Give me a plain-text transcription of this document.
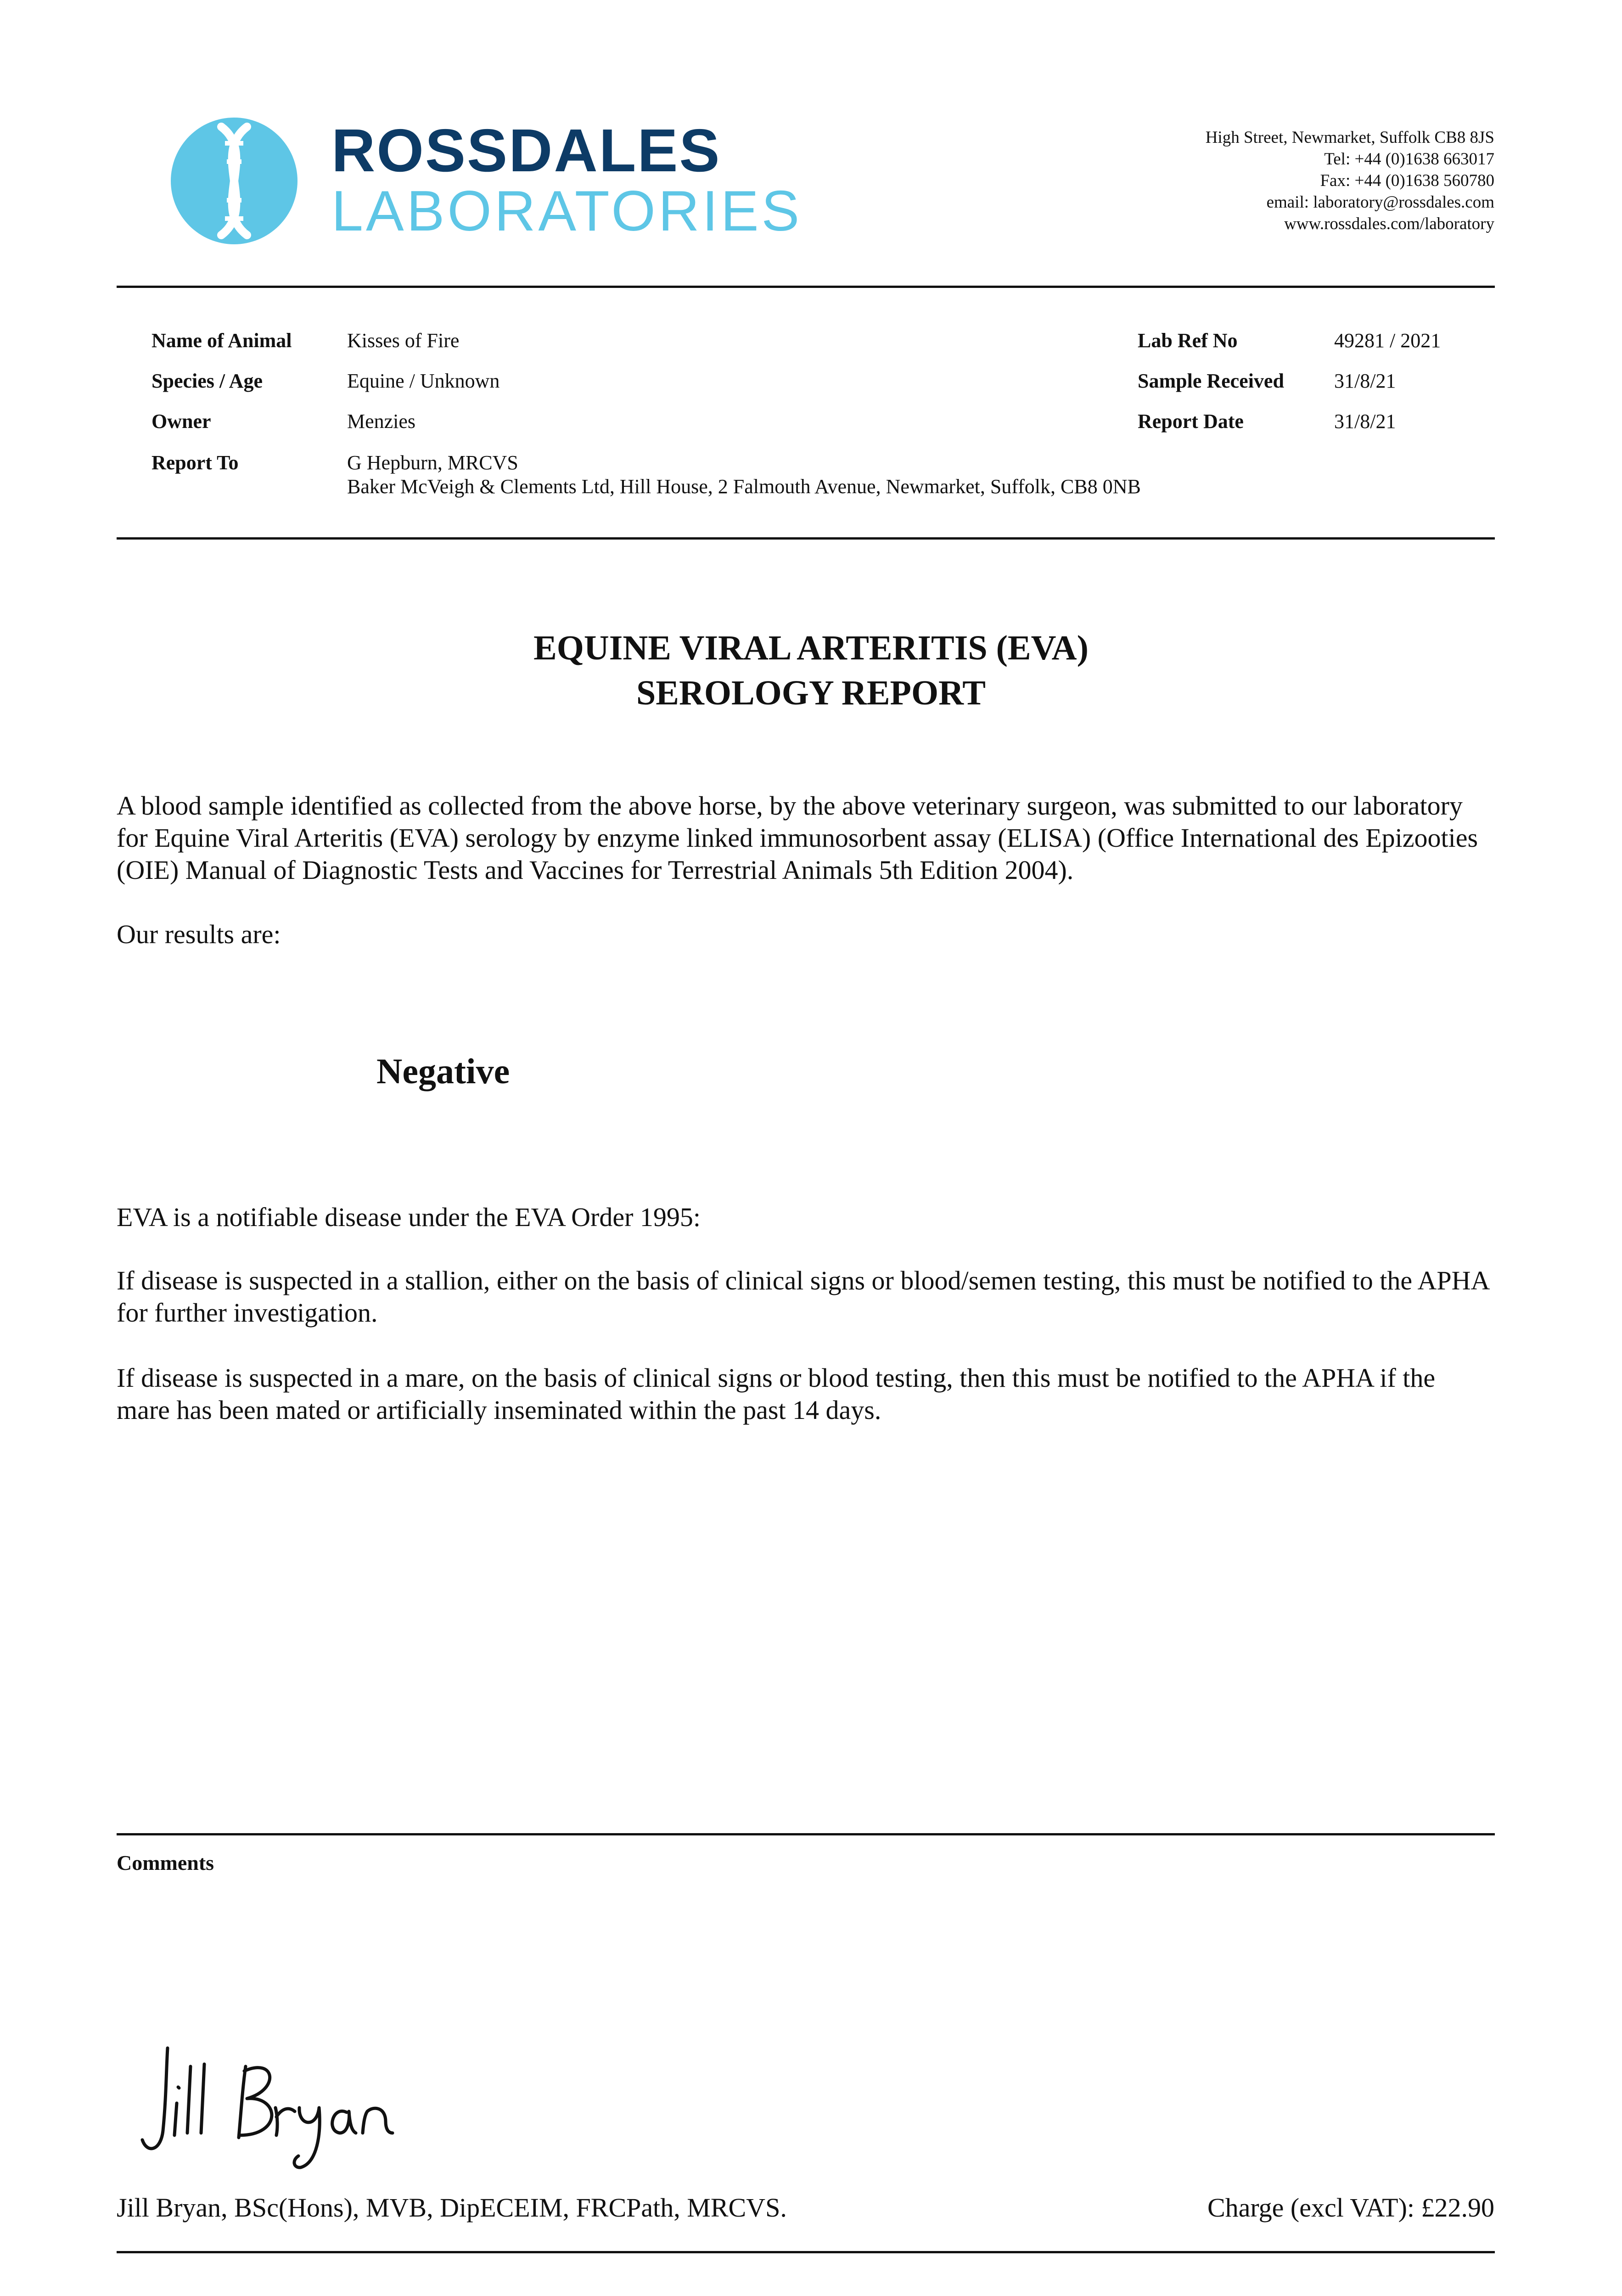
ROSSDALES
LABORATORIES
High Street, Newmarket, Suffolk CB8 8JS
Tel: +44 (0)1638 663017
Fax: +44 (0)1638 560780
email: laboratory@rossdales.com
www.rossdales.com/laboratory
Name of Animal	Kisses of Fire
Species / Age	Equine / Unknown
Owner	Menzies
Report To	G Hepburn, MRCVS
Baker McVeigh & Clements Ltd, Hill House, 2 Falmouth Avenue, Newmarket, Suffolk, CB8 0NB
Lab Ref No	49281 / 2021
Sample Received 31/8/21
Report Date	31/8/21
EQUINE VIRAL ARTERITIS (EVA)
SEROLOGY REPORT
A blood sample identified as collected from the above horse, by the above veterinary surgeon, was submitted to our laboratory for Equine Viral Arteritis (EVA) serology by enzyme linked immunosorbent assay (ELISA) (Office International des Epizooties (OIE) Manual of Diagnostic Tests and Vaccines for Terrestrial Animals 5th Edition 2004).
Our results are:
Negative
EVA is a notifiable disease under the EVA Order 1995:
If disease is suspected in a stallion, either on the basis of clinical signs or blood/semen testing, this must be notified to the APHA for further investigation.
If disease is suspected in a mare, on the basis of clinical signs or blood testing, then this must be notified to the APHA if the mare has been mated or artificially inseminated within the past 14 days.
Comments
Jill Bryan, BSc(Hons), MVB, DipECEIM, FRCPath, MRCVS.	Charge (excl VAT): £22.90
